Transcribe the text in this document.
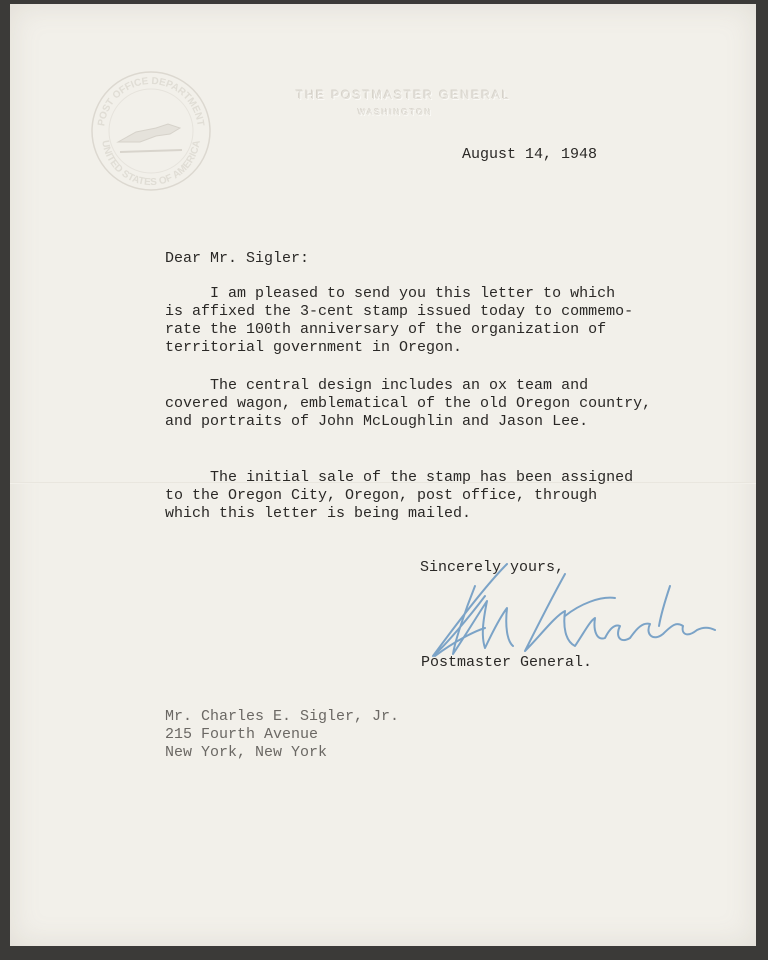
POST OFFICE DEPARTMENT
UNITED STATES OF AMERICA
THE POSTMASTER GENERAL
WASHINGTON
August 14, 1948
Dear Mr. Sigler:
I am pleased to send you this letter to which
is affixed the 3-cent stamp issued today to commemo-
rate the 100th anniversary of the organization of
territorial government in Oregon.
The central design includes an ox team and
covered wagon, emblematical of the old Oregon country,
and portraits of John McLoughlin and Jason Lee.
The initial sale of the stamp has been assigned
to the Oregon City, Oregon, post office, through
which this letter is being mailed.
Sincerely yours,
Postmaster General.
Mr. Charles E. Sigler, Jr.
215 Fourth Avenue
New York, New York
